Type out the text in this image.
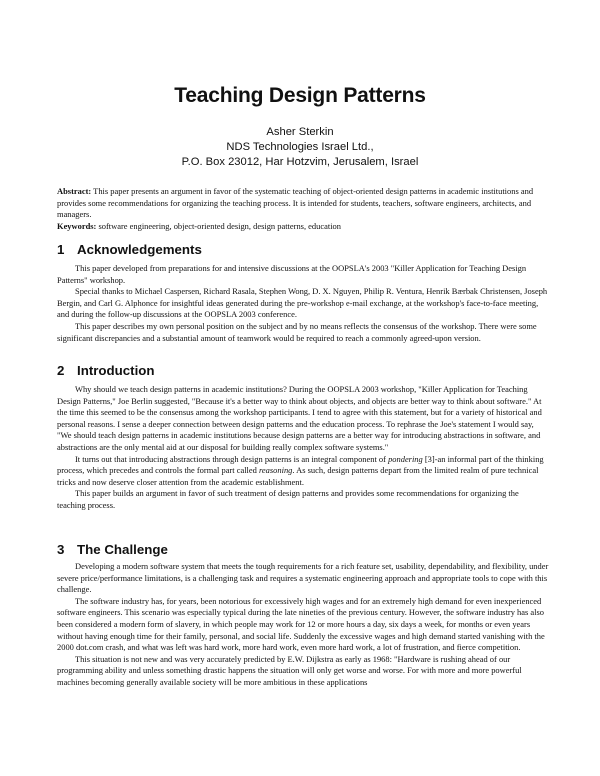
Teaching Design Patterns
Asher Sterkin
NDS Technologies Israel Ltd.,
P.O. Box 23012, Har Hotzvim, Jerusalem, Israel

Abstract: This paper presents an argument in favor of the systematic teaching of object-oriented design patterns in academic institutions and provides some recommendations for organizing the teaching process. It is intended for students, teachers, software engineers, architects, and managers.

Keywords: software engineering, object-oriented design, design patterns, education

1 Acknowledgements

This paper developed from preparations for and intensive discussions at the OOPSLA's 2003 "Killer Application for Teaching Design Patterns" workshop.

Special thanks to Michael Caspersen, Richard Rasala, Stephen Wong, D. X. Nguyen, Philip R. Ventura, Henrik Bærbak Christensen, Joseph Bergin, and Carl G. Alphonce for insightful ideas generated during the pre-workshop e-mail exchange, at the workshop's face-to-face meeting, and during the follow-up discussions at the OOPSLA 2003 conference.

This paper describes my own personal position on the subject and by no means reflects the consensus of the workshop. There were some significant discrepancies and a substantial amount of teamwork would be required to reach a commonly agreed-upon version.

2 Introduction

Why should we teach design patterns in academic institutions? During the OOPSLA 2003 workshop, "Killer Application for Teaching Design Patterns," Joe Berlin suggested, "Because it's a better way to think about objects, and objects are better way to think about software." At the time this seemed to be the consensus among the workshop participants. I tend to agree with this statement, but for a variety of historical and personal reasons. I sense a deeper connection between design patterns and the education process. To rephrase the Joe's statement I would say, "We should teach design patterns in academic institutions because design patterns are a better way for introducing abstractions in software, and abstractions are the only mental aid at our disposal for building really complex software systems."

It turns out that introducing abstractions through design patterns is an integral component of pondering [3]-an informal part of the thinking process, which precedes and controls the formal part called reasoning. As such, design patterns depart from the limited realm of pure technical tricks and now deserve closer attention from the academic establishment.

This paper builds an argument in favor of such treatment of design patterns and provides some recommendations for organizing the teaching process.

3 The Challenge

Developing a modern software system that meets the tough requirements for a rich feature set, usability, dependability, and flexibility, under severe price/performance limitations, is a challenging task and requires a systematic engineering approach and appropriate tools to cope with this challenge.

The software industry has, for years, been notorious for excessively high wages and for an extremely high demand for even inexperienced software engineers. This scenario was especially typical during the late nineties of the previous century. However, the software industry has also been considered a modern form of slavery, in which people may work for 12 or more hours a day, six days a week, for months or even years without having enough time for their family, personal, and social life. Suddenly the excessive wages and high demand started vanishing with the 2000 dot.com crash, and what was left was hard work, more hard work, even more hard work, a lot of frustration, and fierce competition.

This situation is not new and was very accurately predicted by E.W. Dijkstra as early as 1968: "Hardware is rushing ahead of our programming ability and unless something drastic happens the situation will only get worse and worse. For with more and more powerful machines becoming generally available society will be more ambitious in these applications
